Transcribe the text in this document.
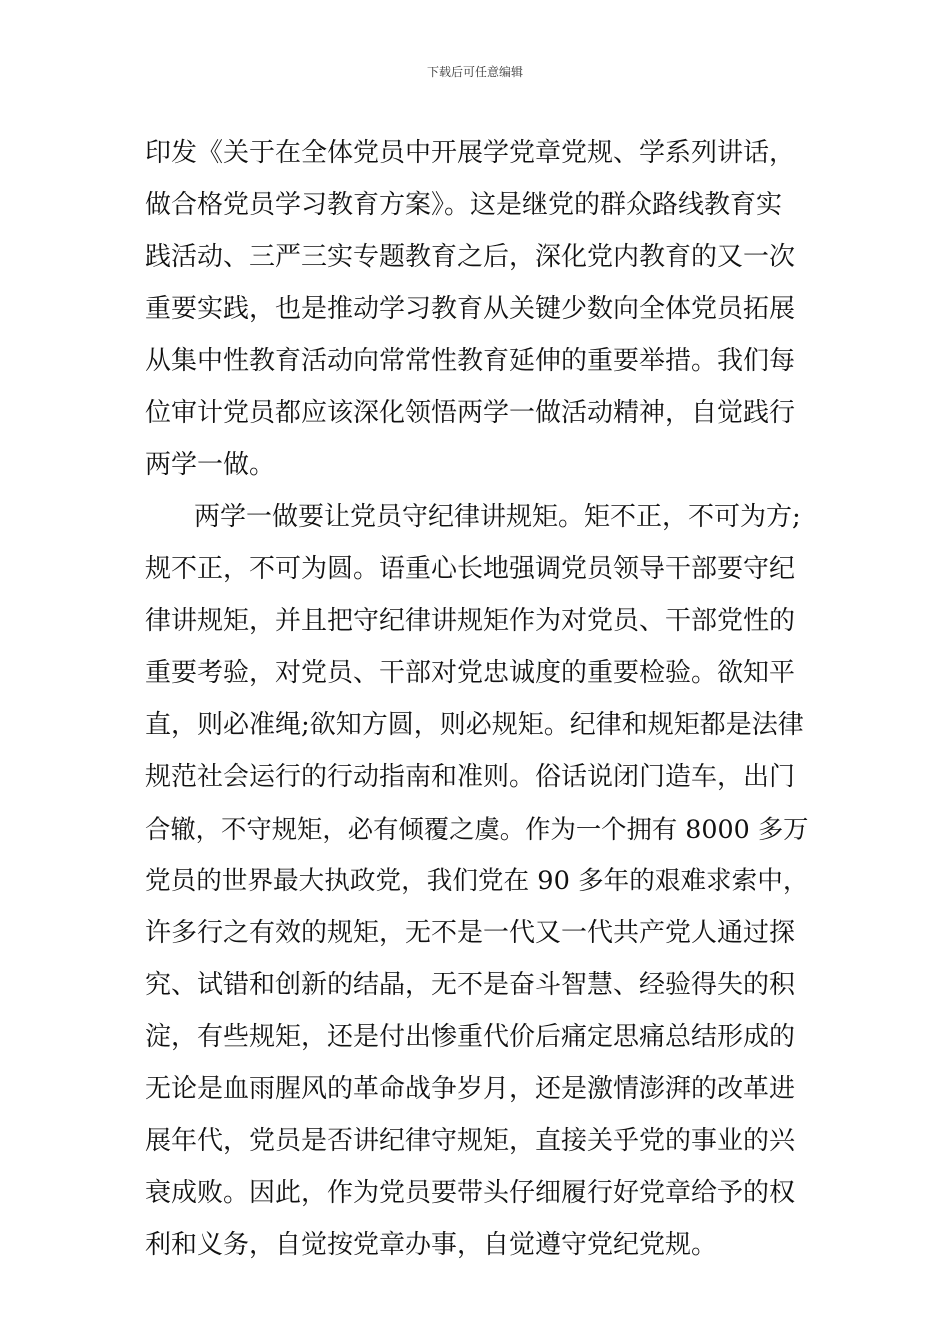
下载后可任意编辑
印发《关于在全体党员中开展学党章党规、学系列讲话，
做合格党员学习教育方案》。这是继党的群众路线教育实
践活动、三严三实专题教育之后，深化党内教育的又一次
重要实践，也是推动学习教育从关键少数向全体党员拓展
从集中性教育活动向常常性教育延伸的重要举措。我们每
位审计党员都应该深化领悟两学一做活动精神，自觉践行
两学一做。
两学一做要让党员守纪律讲规矩。矩不正，不可为方;
规不正，不可为圆。语重心长地强调党员领导干部要守纪
律讲规矩，并且把守纪律讲规矩作为对党员、干部党性的
重要考验，对党员、干部对党忠诚度的重要检验。欲知平
直，则必准绳;欲知方圆，则必规矩。纪律和规矩都是法律
规范社会运行的行动指南和准则。俗话说闭门造车，出门
合辙，不守规矩，必有倾覆之虞。作为一个拥有 8000 多万
党员的世界最大执政党，我们党在 90 多年的艰难求索中，
许多行之有效的规矩，无不是一代又一代共产党人通过探
究、试错和创新的结晶，无不是奋斗智慧、经验得失的积
淀，有些规矩，还是付出惨重代价后痛定思痛总结形成的
无论是血雨腥风的革命战争岁月，还是激情澎湃的改革进
展年代，党员是否讲纪律守规矩，直接关乎党的事业的兴
衰成败。因此，作为党员要带头仔细履行好党章给予的权
利和义务，自觉按党章办事，自觉遵守党纪党规。
